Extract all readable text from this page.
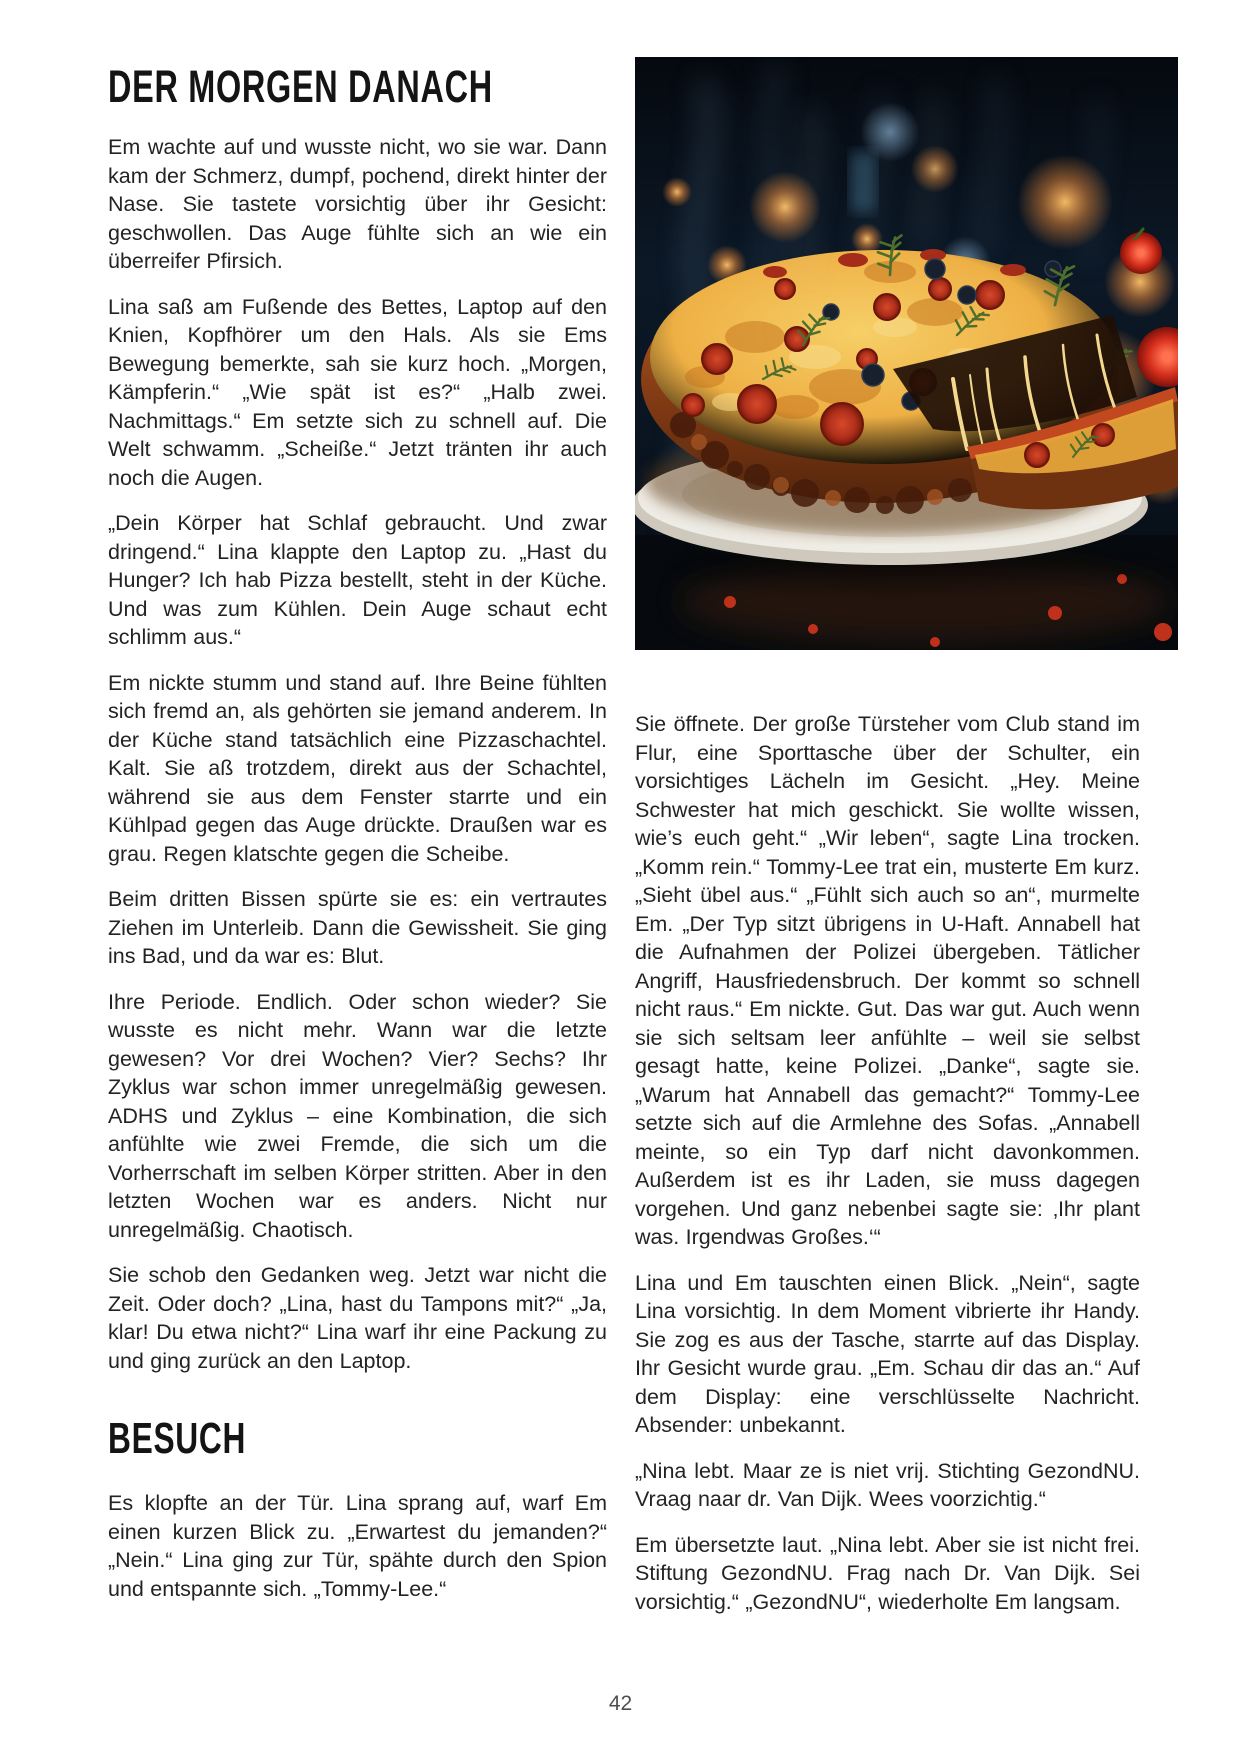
DER MORGEN DANACH

Em wachte auf und wusste nicht, wo sie war. Dann kam der Schmerz, dumpf, pochend, direkt hinter der Nase. Sie tastete vorsichtig über ihr Gesicht: geschwollen. Das Auge fühlte sich an wie ein überreifer Pfirsich.

Lina saß am Fußende des Bettes, Laptop auf den Knien, Kopfhörer um den Hals. Als sie Ems Bewegung bemerkte, sah sie kurz hoch. „Morgen, Kämpferin.“ „Wie spät ist es?“ „Halb zwei. Nachmittags.“ Em setzte sich zu schnell auf. Die Welt schwamm. „Scheiße.“ Jetzt tränten ihr auch noch die Augen.

„Dein Körper hat Schlaf gebraucht. Und zwar dringend.“ Lina klappte den Laptop zu. „Hast du Hunger? Ich hab Pizza bestellt, steht in der Küche. Und was zum Kühlen. Dein Auge schaut echt schlimm aus.“

Em nickte stumm und stand auf. Ihre Beine fühlten sich fremd an, als gehörten sie jemand anderem. In der Küche stand tatsächlich eine Pizzaschachtel. Kalt. Sie aß trotzdem, direkt aus der Schachtel, während sie aus dem Fenster starrte und ein Kühlpad gegen das Auge drückte. Draußen war es grau. Regen klatschte gegen die Scheibe.

Beim dritten Bissen spürte sie es: ein vertrautes Ziehen im Unterleib. Dann die Gewissheit. Sie ging ins Bad, und da war es: Blut.

Ihre Periode. Endlich. Oder schon wieder? Sie wusste es nicht mehr. Wann war die letzte gewesen? Vor drei Wochen? Vier? Sechs? Ihr Zyklus war schon immer unregelmäßig gewesen. ADHS und Zyklus – eine Kombination, die sich anfühlte wie zwei Fremde, die sich um die Vorherrschaft im selben Körper stritten. Aber in den letzten Wochen war es anders. Nicht nur unregelmäßig. Chaotisch.

Sie schob den Gedanken weg. Jetzt war nicht die Zeit. Oder doch? „Lina, hast du Tampons mit?“ „Ja, klar! Du etwa nicht?“ Lina warf ihr eine Packung zu und ging zurück an den Laptop.

BESUCH

Es klopfte an der Tür. Lina sprang auf, warf Em einen kurzen Blick zu. „Erwartest du jemanden?“ „Nein.“ Lina ging zur Tür, spähte durch den Spion und entspannte sich. „Tommy-Lee.“

Sie öffnete. Der große Türsteher vom Club stand im Flur, eine Sporttasche über der Schulter, ein vorsichtiges Lächeln im Gesicht. „Hey. Meine Schwester hat mich geschickt. Sie wollte wissen, wie’s euch geht.“ „Wir leben“, sagte Lina trocken. „Komm rein.“ Tommy-Lee trat ein, musterte Em kurz. „Sieht übel aus.“ „Fühlt sich auch so an“, murmelte Em. „Der Typ sitzt übrigens in U-Haft. Annabell hat die Aufnahmen der Polizei übergeben. Tätlicher Angriff, Hausfriedensbruch. Der kommt so schnell nicht raus.“ Em nickte. Gut. Das war gut. Auch wenn sie sich seltsam leer anfühlte – weil sie selbst gesagt hatte, keine Polizei. „Danke“, sagte sie. „Warum hat Annabell das gemacht?“ Tommy-Lee setzte sich auf die Armlehne des Sofas. „Annabell meinte, so ein Typ darf nicht davonkommen. Außerdem ist es ihr Laden, sie muss dagegen vorgehen. Und ganz nebenbei sagte sie: ‚Ihr plant was. Irgendwas Großes.‘“

Lina und Em tauschten einen Blick. „Nein“, sagte Lina vorsichtig. In dem Moment vibrierte ihr Handy. Sie zog es aus der Tasche, starrte auf das Display. Ihr Gesicht wurde grau. „Em. Schau dir das an.“ Auf dem Display: eine verschlüsselte Nachricht. Absender: unbekannt.

„Nina lebt. Maar ze is niet vrij. Stichting GezondNU. Vraag naar dr. Van Dijk. Wees voorzichtig.“

Em übersetzte laut. „Nina lebt. Aber sie ist nicht frei. Stiftung GezondNU. Frag nach Dr. Van Dijk. Sei vorsichtig.“ „GezondNU“, wiederholte Em langsam.

42
